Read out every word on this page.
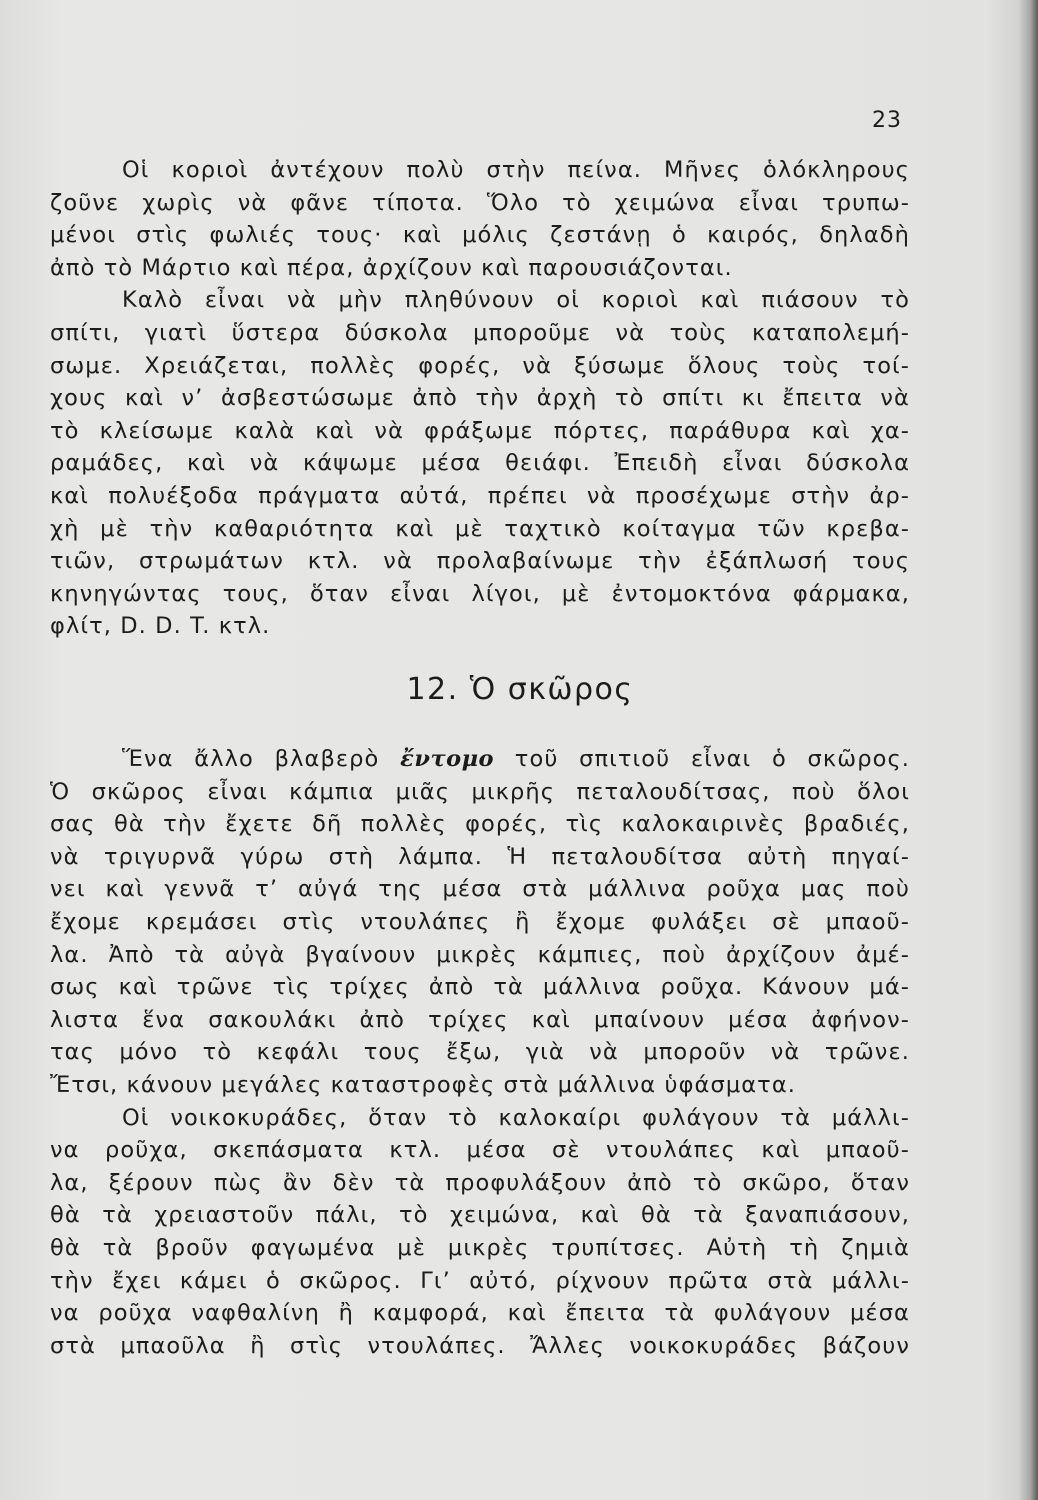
23
Οἱ κοριοὶ ἀντέχουν πολὺ στὴν πείνα. Μῆνες ὁλόκληρους
ζοῦνε χωρὶς νὰ φᾶνε τίποτα. Ὅλο τὸ χειμώνα εἶναι τρυπω-
μένοι στὶς φωλιές τους· καὶ μόλις ζεστάνῃ ὁ καιρός, δηλαδὴ
ἀπὸ τὸ Μάρτιο καὶ πέρα, ἀρχίζουν καὶ παρουσιάζονται.
Καλὸ εἶναι νὰ μὴν πληθύνουν οἱ κοριοὶ καὶ πιάσουν τὸ
σπίτι, γιατὶ ὕστερα δύσκολα μποροῦμε νὰ τοὺς καταπολεμή-
σωμε. Χρειάζεται, πολλὲς φορές, νὰ ξύσωμε ὅλους τοὺς τοί-
χους καὶ ν’ ἀσβεστώσωμε ἀπὸ τὴν ἀρχὴ τὸ σπίτι κι ἔπειτα νὰ
τὸ κλείσωμε καλὰ καὶ νὰ φράξωμε πόρτες, παράθυρα καὶ χα-
ραμάδες, καὶ νὰ κάψωμε μέσα θειάφι. Ἐπειδὴ εἶναι δύσκολα
καὶ πολυέξοδα πράγματα αὐτά, πρέπει νὰ προσέχωμε στὴν ἀρ-
χὴ μὲ τὴν καθαριότητα καὶ μὲ ταχτικὸ κοίταγμα τῶν κρεβα-
τιῶν, στρωμάτων κτλ. νὰ προλαβαίνωμε τὴν ἐξάπλωσή τους
κηνηγώντας τους, ὅταν εἶναι λίγοι, μὲ ἐντομοκτόνα φάρμακα,
φλίτ, D. D. T. κτλ.
12. Ὁ σκῶρος
Ἕνα ἄλλο βλαβερὸ ἔντομο τοῦ σπιτιοῦ εἶναι ὁ σκῶρος.
Ὁ σκῶρος εἶναι κάμπια μιᾶς μικρῆς πεταλουδίτσας, ποὺ ὅλοι
σας θὰ τὴν ἔχετε δῆ πολλὲς φορές, τὶς καλοκαιρινὲς βραδιές,
νὰ τριγυρνᾶ γύρω στὴ λάμπα. Ἡ πεταλουδίτσα αὐτὴ πηγαί-
νει καὶ γεννᾶ τ’ αὐγά της μέσα στὰ μάλλινα ροῦχα μας ποὺ
ἔχομε κρεμάσει στὶς ντουλάπες ἢ ἔχομε φυλάξει σὲ μπαοῦ-
λα. Ἀπὸ τὰ αὐγὰ βγαίνουν μικρὲς κάμπιες, ποὺ ἀρχίζουν ἀμέ-
σως καὶ τρῶνε τὶς τρίχες ἀπὸ τὰ μάλλινα ροῦχα. Κάνουν μά-
λιστα ἕνα σακουλάκι ἀπὸ τρίχες καὶ μπαίνουν μέσα ἀφήνον-
τας μόνο τὸ κεφάλι τους ἔξω, γιὰ νὰ μποροῦν νὰ τρῶνε.
Ἔτσι, κάνουν μεγάλες καταστροφὲς στὰ μάλλινα ὑφάσματα.
Οἱ νοικοκυράδες, ὅταν τὸ καλοκαίρι φυλάγουν τὰ μάλλι-
να ροῦχα, σκεπάσματα κτλ. μέσα σὲ ντουλάπες καὶ μπαοῦ-
λα, ξέρουν πὼς ἂν δὲν τὰ προφυλάξουν ἀπὸ τὸ σκῶρο, ὅταν
θὰ τὰ χρειαστοῦν πάλι, τὸ χειμώνα, καὶ θὰ τὰ ξαναπιάσουν,
θὰ τὰ βροῦν φαγωμένα μὲ μικρὲς τρυπίτσες. Αὐτὴ τὴ ζημιὰ
τὴν ἔχει κάμει ὁ σκῶρος. Γι’ αὐτό, ρίχνουν πρῶτα στὰ μάλλι-
να ροῦχα ναφθαλίνη ἢ καμφορά, καὶ ἔπειτα τὰ φυλάγουν μέσα
στὰ μπαοῦλα ἢ στὶς ντουλάπες. Ἄλλες νοικοκυράδες βάζουν
